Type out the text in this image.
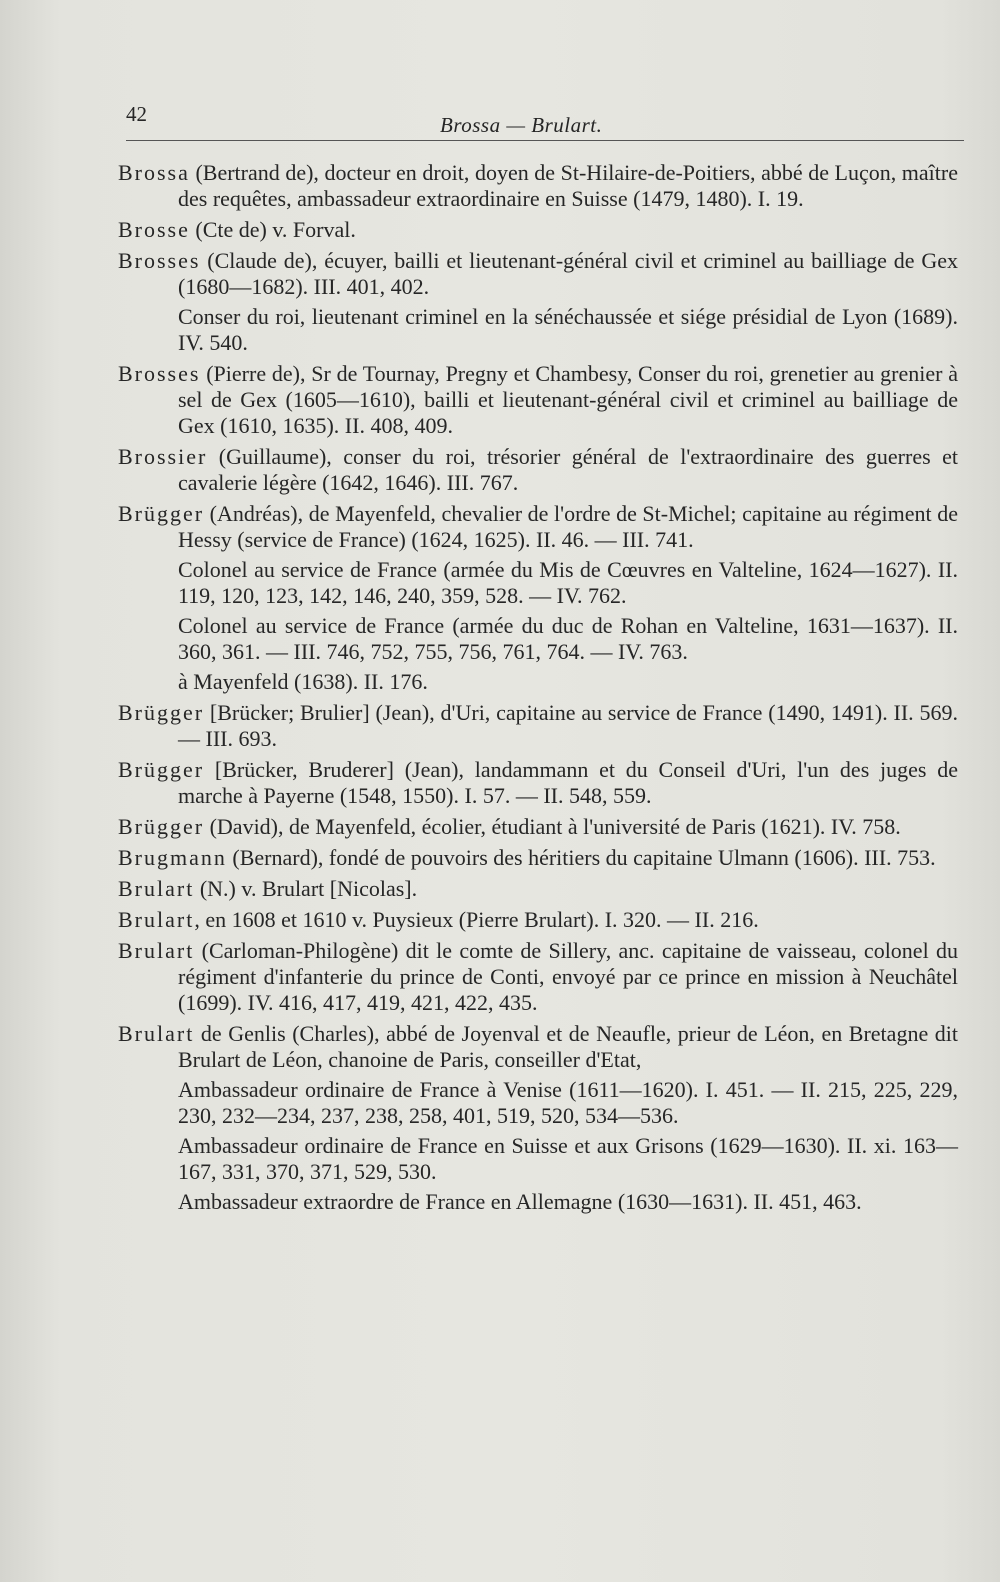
42	Brossa — Brulart.

Brossa (Bertrand de), docteur en droit, doyen de St-Hilaire-de-Poitiers, abbé de Luçon, maître des requêtes, ambassadeur extraordinaire en Suisse (1479, 1480). I. 19.

Brosse (Cte de) v. Forval.

Brosses (Claude de), écuyer, bailli et lieutenant-général civil et criminel au bailliage de Gex (1680—1682). III. 401, 402.
Conser du roi, lieutenant criminel en la sénéchaussée et siége présidial de Lyon (1689). IV. 540.

Brosses (Pierre de), Sr de Tournay, Pregny et Chambesy, Conser du roi, grenetier au grenier à sel de Gex (1605—1610), bailli et lieutenant-général civil et criminel au bailliage de Gex (1610, 1635). II. 408, 409.

Brossier (Guillaume), conser du roi, trésorier général de l'extraordinaire des guerres et cavalerie légère (1642, 1646). III. 767.

Brügger (Andréas), de Mayenfeld, chevalier de l'ordre de St-Michel; capitaine au régiment de Hessy (service de France) (1624, 1625). II. 46. — III. 741.
Colonel au service de France (armée du Mis de Cœuvres en Valteline, 1624—1627). II. 119, 120, 123, 142, 146, 240, 359, 528. — IV. 762.
Colonel au service de France (armée du duc de Rohan en Valteline, 1631—1637). II. 360, 361. — III. 746, 752, 755, 756, 761, 764. — IV. 763.
à Mayenfeld (1638). II. 176.

Brügger [Brücker; Brulier] (Jean), d'Uri, capitaine au service de France (1490, 1491). II. 569. — III. 693.

Brügger [Brücker, Bruderer] (Jean), landammann et du Conseil d'Uri, l'un des juges de marche à Payerne (1548, 1550). I. 57. — II. 548, 559.

Brügger (David), de Mayenfeld, écolier, étudiant à l'université de Paris (1621). IV. 758.

Brugmann (Bernard), fondé de pouvoirs des héritiers du capitaine Ulmann (1606). III. 753.

Brulart (N.) v. Brulart [Nicolas].

Brulart, en 1608 et 1610 v. Puysieux (Pierre Brulart). I. 320. — II. 216.

Brulart (Carloman-Philogène) dit le comte de Sillery, anc. capitaine de vaisseau, colonel du régiment d'infanterie du prince de Conti, envoyé par ce prince en mission à Neuchâtel (1699). IV. 416, 417, 419, 421, 422, 435.

Brulart de Genlis (Charles), abbé de Joyenval et de Neaufle, prieur de Léon, en Bretagne dit Brulart de Léon, chanoine de Paris, conseiller d'Etat,
Ambassadeur ordinaire de France à Venise (1611—1620). I. 451. — II. 215, 225, 229, 230, 232—234, 237, 238, 258, 401, 519, 520, 534—536.
Ambassadeur ordinaire de France en Suisse et aux Grisons (1629—1630). II. xi. 163—167, 331, 370, 371, 529, 530.
Ambassadeur extraordre de France en Allemagne (1630—1631). II. 451, 463.
